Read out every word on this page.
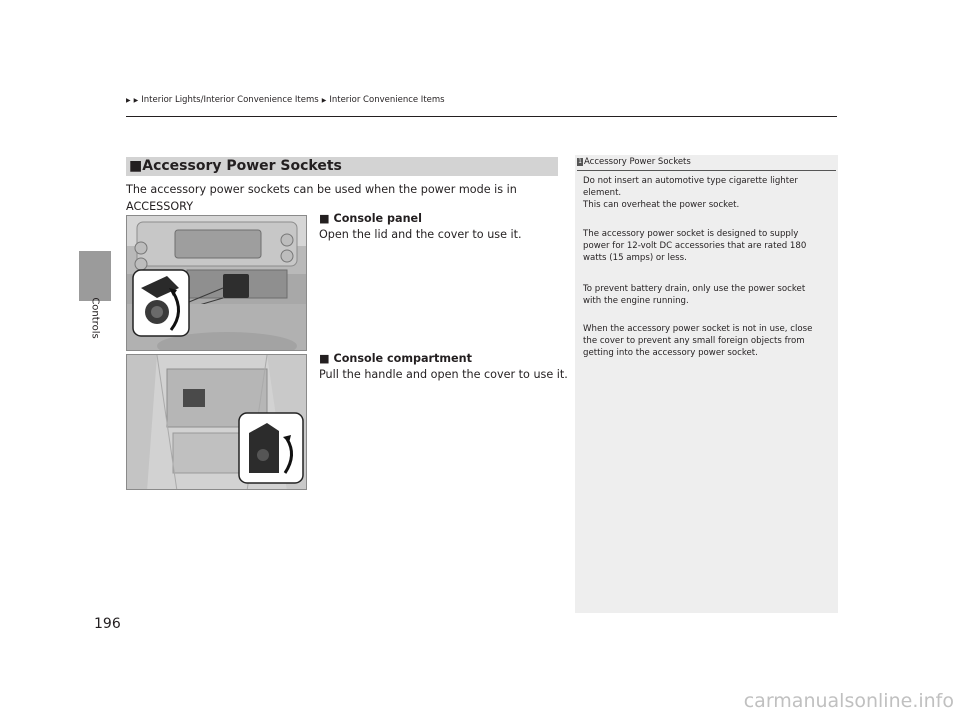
Controls
196
▶ ▶ Interior Lights/Interior Convenience Items ▶ Interior Convenience Items
■Accessory Power Sockets
The accessory power sockets can be used when the power mode is in ACCESSORY
■ Console panel
Open the lid and the cover to use it.
■ Console compartment
Pull the handle and open the cover to use it.
1 Accessory Power Sockets
Do not insert an automotive type cigarette lighter
element.
This can overheat the power socket.
The accessory power socket is designed to supply
power for 12-volt DC accessories that are rated 180
watts (15 amps) or less.
To prevent battery drain, only use the power socket
with the engine running.
When the accessory power socket is not in use, close
the cover to prevent any small foreign objects from
getting into the accessory power socket.
carmanualsonline.info
